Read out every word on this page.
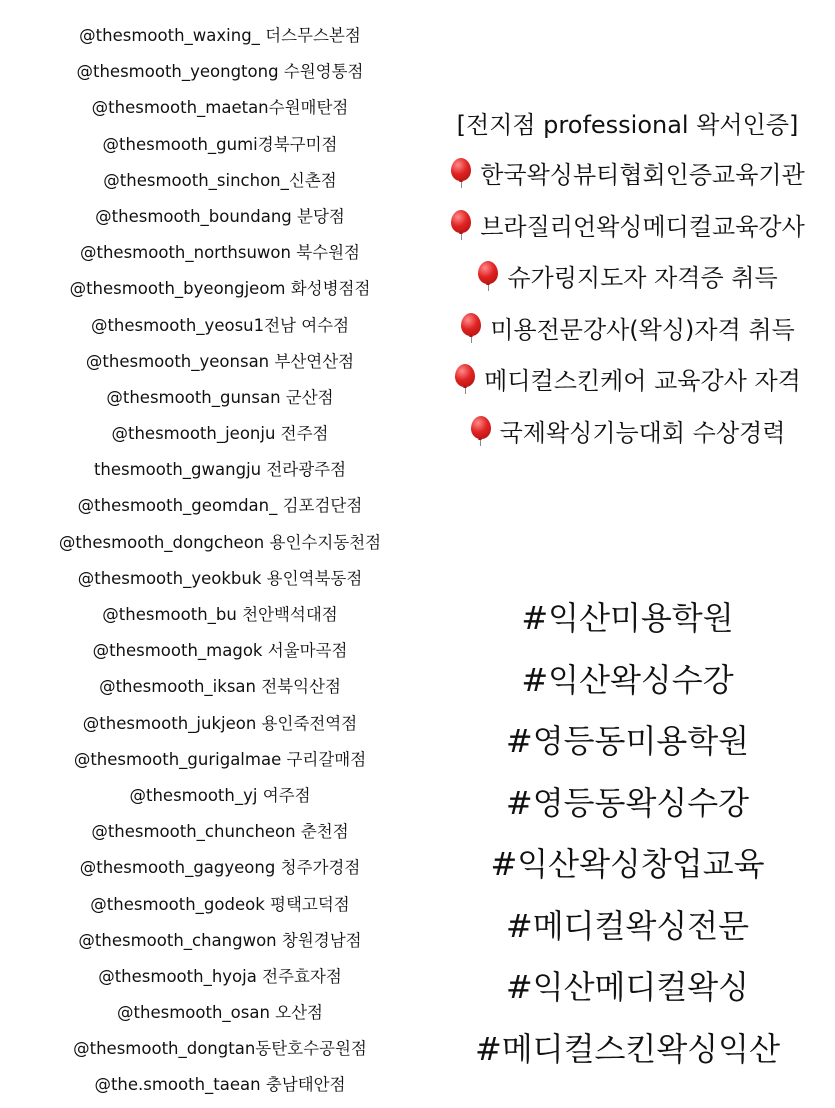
@thesmooth_waxing_ 더스무스본점
@thesmooth_yeongtong 수원영통점
@thesmooth_maetan수원매탄점
@thesmooth_gumi경북구미점
@thesmooth_sinchon_신촌점
@thesmooth_boundang 분당점
@thesmooth_northsuwon 북수원점
@thesmooth_byeongjeom 화성병점점
@thesmooth_yeosu1전남 여수점
@thesmooth_yeonsan 부산연산점
@thesmooth_gunsan 군산점
@thesmooth_jeonju 전주점
thesmooth_gwangju 전라광주점
@thesmooth_geomdan_ 김포검단점
@thesmooth_dongcheon 용인수지동천점
@thesmooth_yeokbuk 용인역북동점
@thesmooth_bu 천안백석대점
@thesmooth_magok 서울마곡점
@thesmooth_iksan 전북익산점
@thesmooth_jukjeon 용인죽전역점
@thesmooth_gurigalmae 구리갈매점
@thesmooth_yj 여주점
@thesmooth_chuncheon 춘천점
@thesmooth_gagyeong 청주가경점
@thesmooth_godeok 평택고덕점
@thesmooth_changwon 창원경남점
@thesmooth_hyoja 전주효자점
@thesmooth_osan 오산점
@thesmooth_dongtan동탄호수공원점
@the.smooth_taean 충남태안점
[전지점 professional 왁서인증]
한국왁싱뷰티협회인증교육기관
브라질리언왁싱메디컬교육강사
슈가링지도자 자격증 취득
미용전문강사(왁싱)자격 취득
메디컬스킨케어 교육강사 자격
국제왁싱기능대회 수상경력
#익산미용학원
#익산왁싱수강
#영등동미용학원
#영등동왁싱수강
#익산왁싱창업교육
#메디컬왁싱전문
#익산메디컬왁싱
#메디컬스킨왁싱익산
